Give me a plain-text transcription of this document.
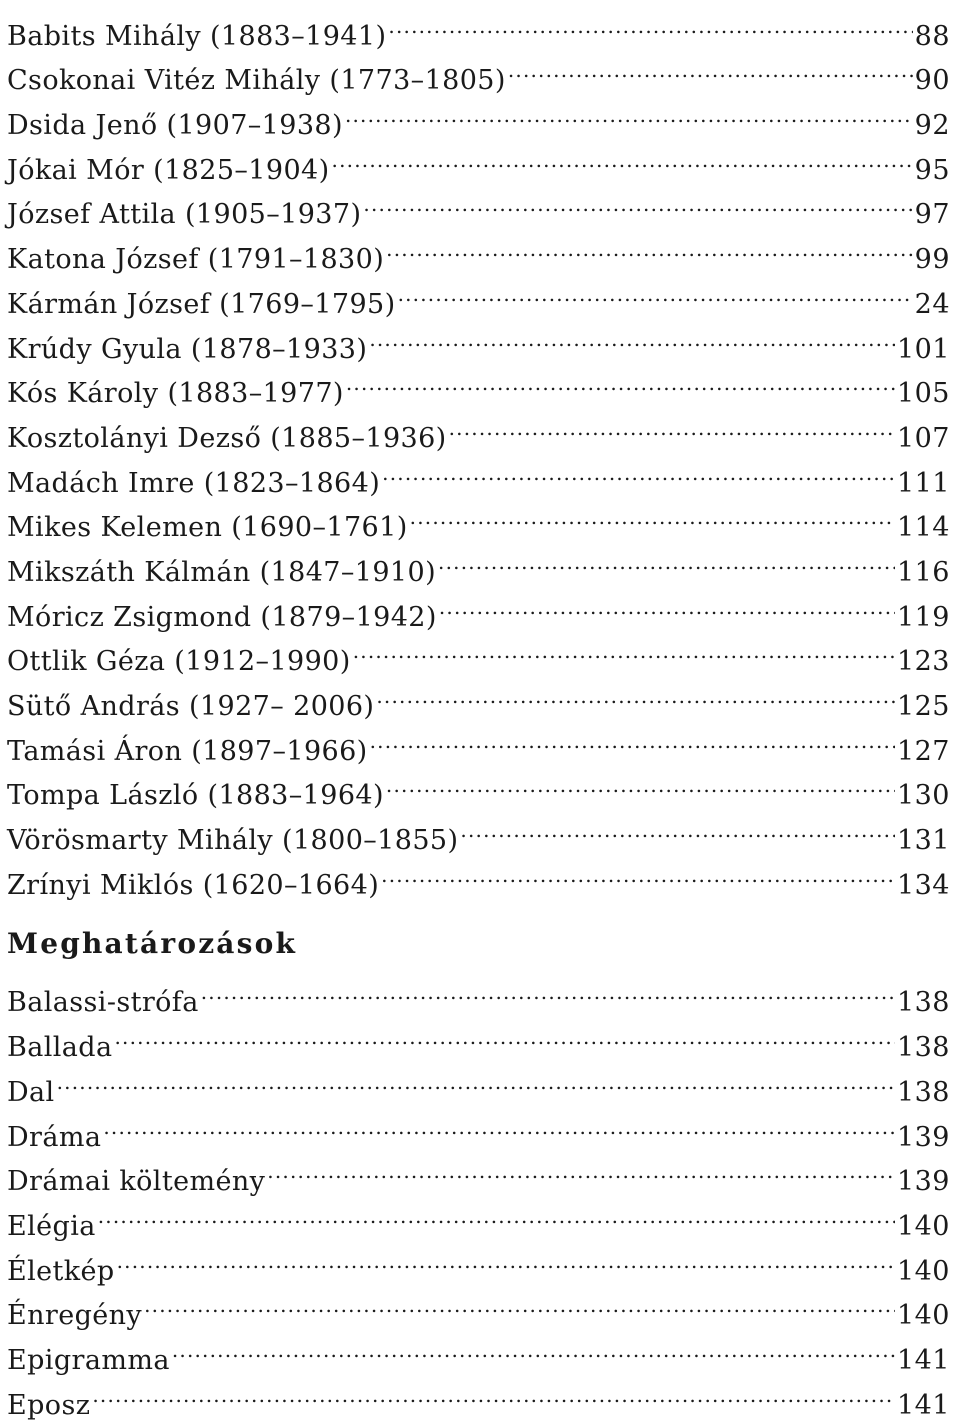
Babits Mihály (1883–1941) .....	88
Csokonai Vitéz Mihály (1773–1805) .....	90
Dsida Jenő (1907–1938) .....	92
Jókai Mór (1825–1904) .....	95
József Attila (1905–1937) .....	97
Katona József (1791–1830) .....	99
Kármán József (1769–1795) .....	24
Krúdy Gyula (1878–1933) .....	101
Kós Károly (1883–1977) .....	105
Kosztolányi Dezső (1885–1936) .....	107
Madách Imre (1823–1864) .....	111
Mikes Kelemen (1690–1761) .....	114
Mikszáth Kálmán (1847–1910) .....	116
Móricz Zsigmond (1879–1942) .....	119
Ottlik Géza (1912–1990) .....	123
Sütő András (1927– 2006) .....	125
Tamási Áron (1897–1966) .....	127
Tompa László (1883–1964) .....	130
Vörösmarty Mihály (1800–1855) .....	131
Zrínyi Miklós (1620–1664) .....	134
Meghatározások
Balassi-strófa .....	138
Ballada .....	138
Dal .....	138
Dráma .....	139
Drámai költemény .....	139
Elégia .....	140
Életkép .....	140
Énregény .....	140
Epigramma .....	141
Eposz .....	141
